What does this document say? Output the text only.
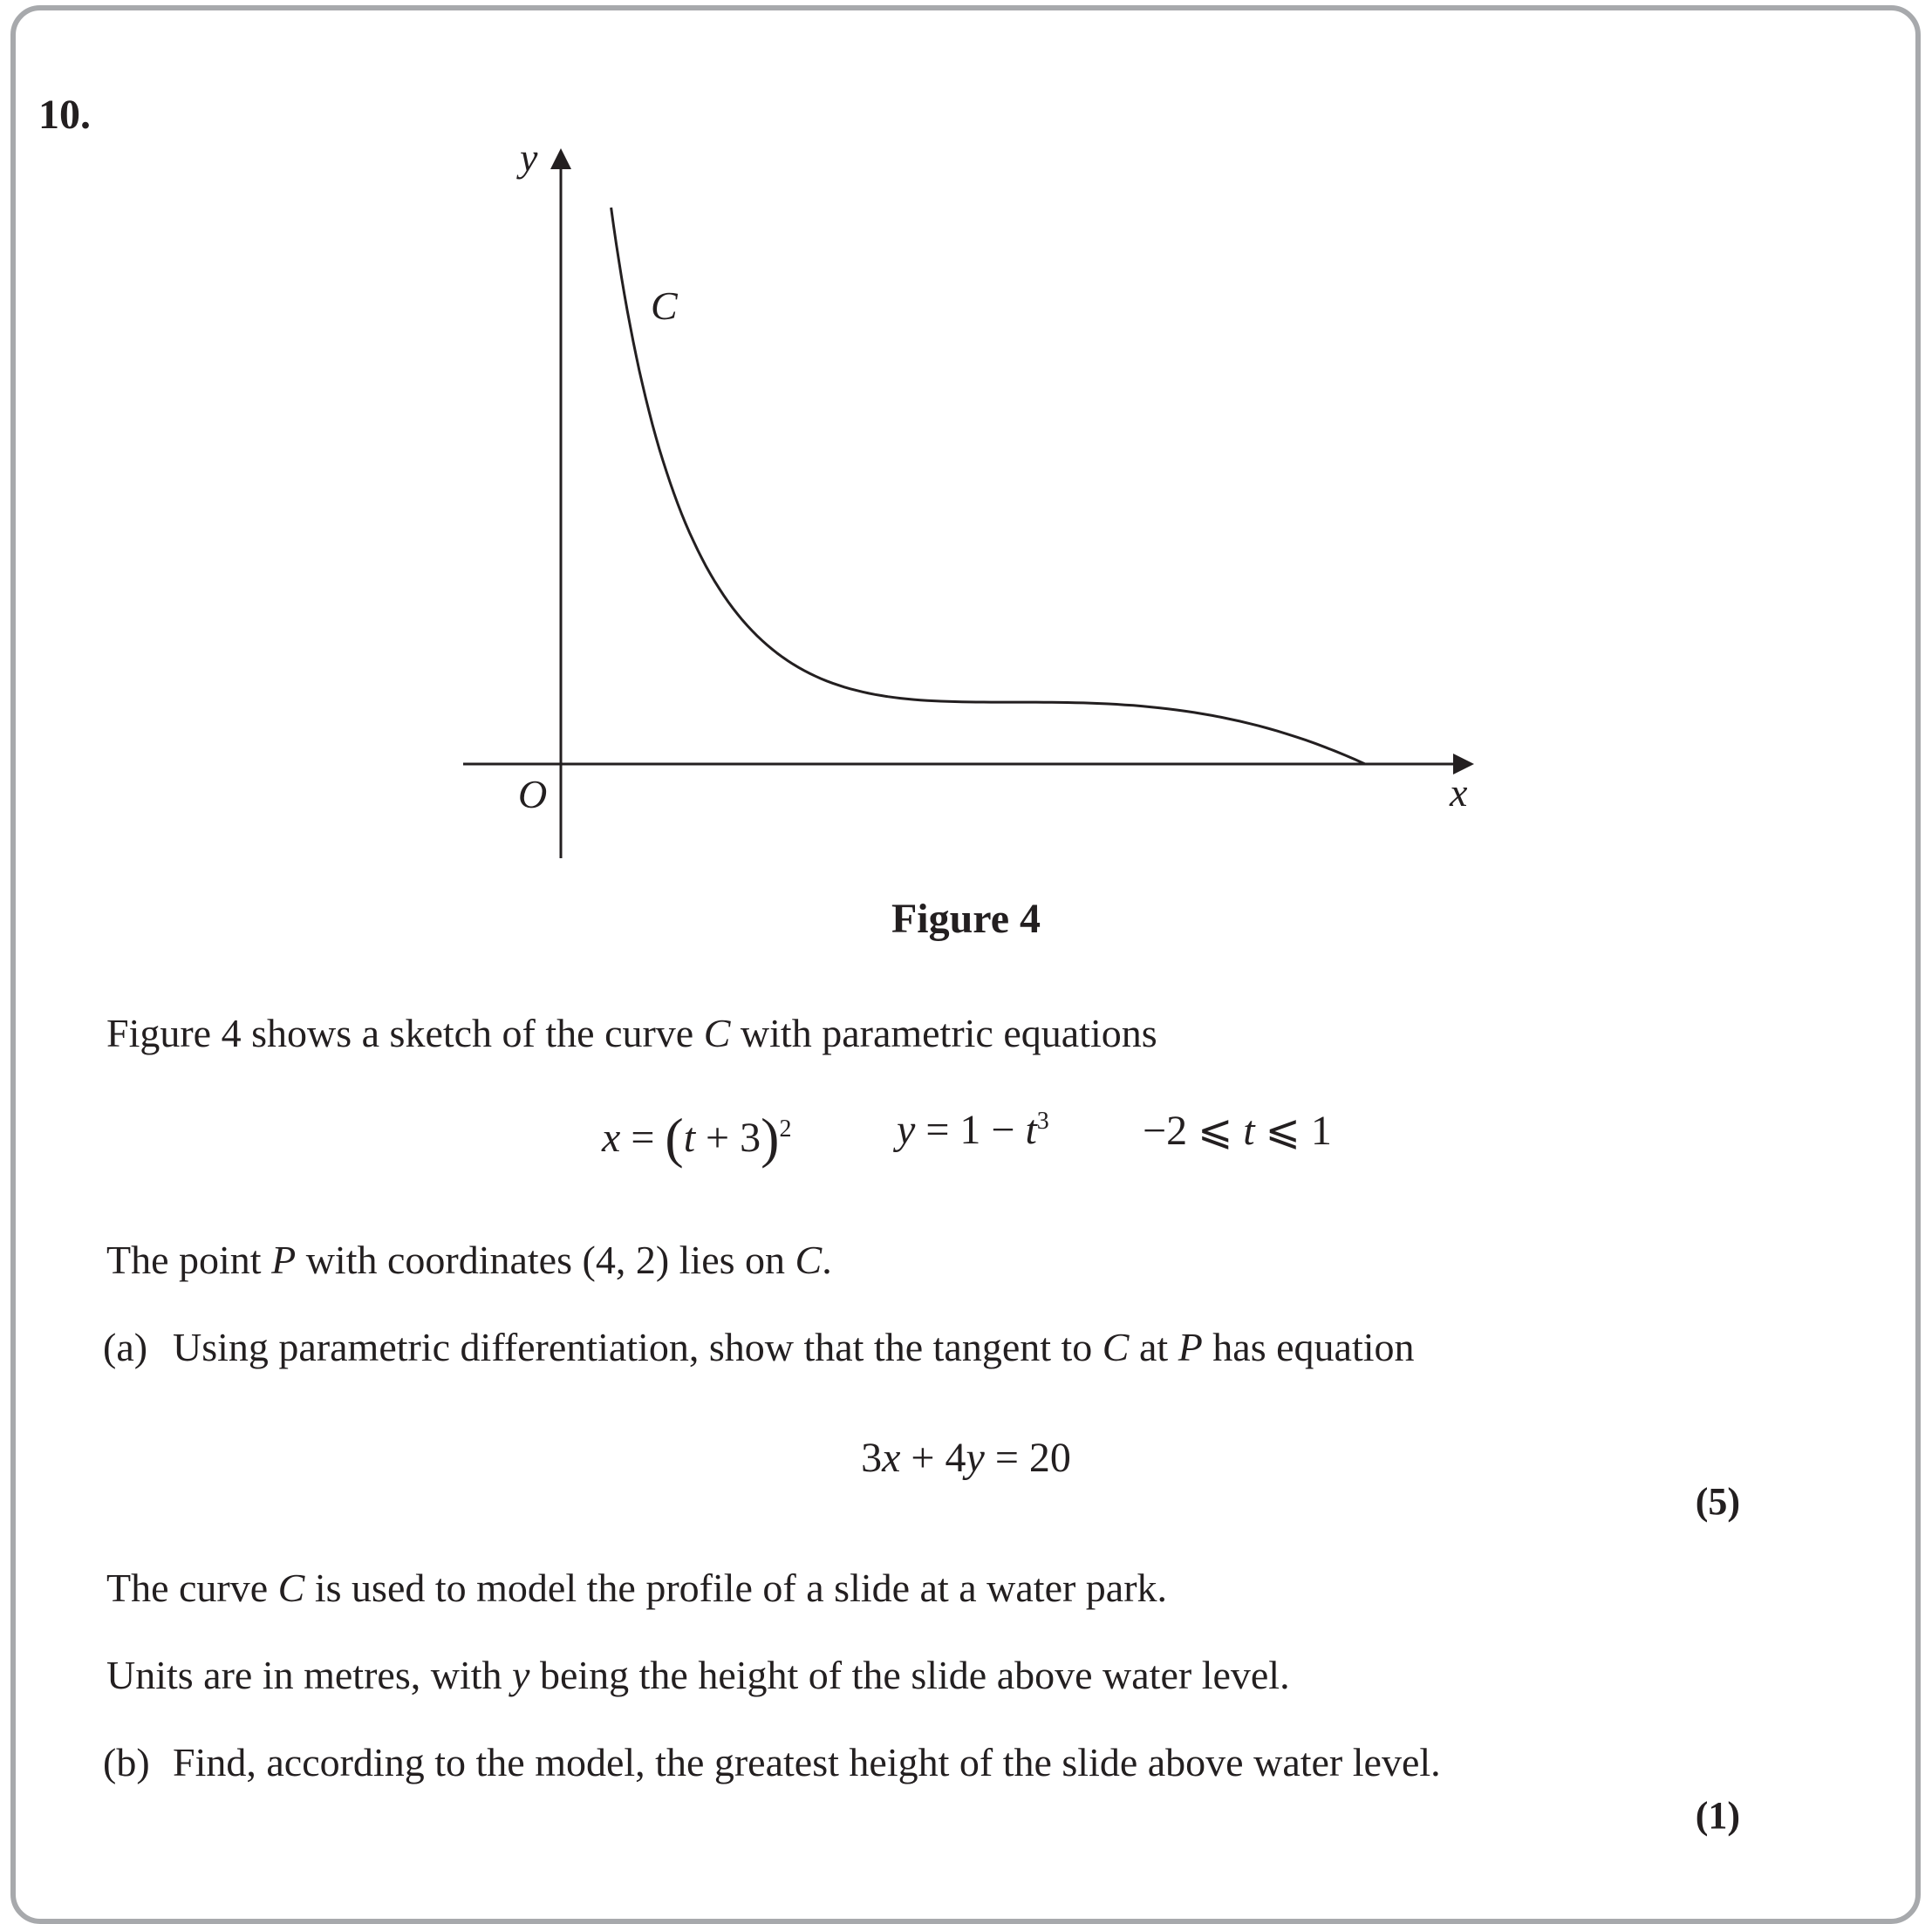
10.
y
x
O
C
Figure 4
Figure 4 shows a sketch of the curve C with parametric equations
$x = (t + 3)^2$	$y = 1 - t^3 -2$ ⩽ t ⩽ 1
The point P with coordinates (4, 2) lies on C.
(a) Using parametric differentiation, show that the tangent to C at P has equation
3x + 4y = 20
(5)
The curve C is used to model the profile of a slide at a water park.
Units are in metres, with y being the height of the slide above water level.
(b) Find, according to the model, the greatest height of the slide above water level.
(1)
